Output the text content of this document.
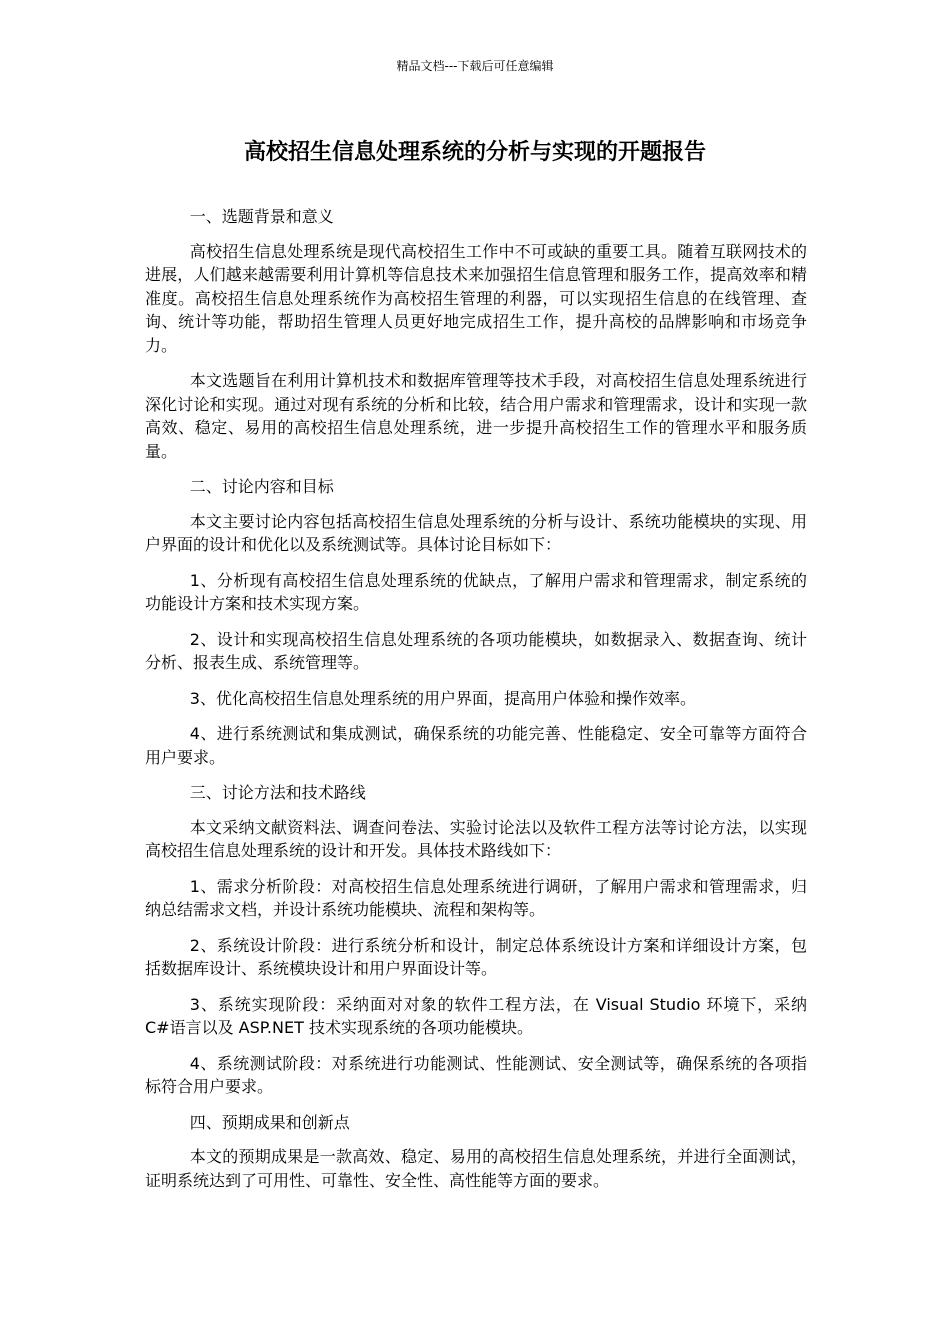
精品文档---下载后可任意编辑
高校招生信息处理系统的分析与实现的开题报告

一、选题背景和意义

高校招生信息处理系统是现代高校招生工作中不可或缺的重要工具。随着互联网技术的进展，人们越来越需要利用计算机等信息技术来加强招生信息管理和服务工作，提高效率和精准度。高校招生信息处理系统作为高校招生管理的利器，可以实现招生信息的在线管理、查询、统计等功能，帮助招生管理人员更好地完成招生工作，提升高校的品牌影响和市场竞争力。

本文选题旨在利用计算机技术和数据库管理等技术手段，对高校招生信息处理系统进行深化讨论和实现。通过对现有系统的分析和比较，结合用户需求和管理需求，设计和实现一款高效、稳定、易用的高校招生信息处理系统，进一步提升高校招生工作的管理水平和服务质量。

二、讨论内容和目标

本文主要讨论内容包括高校招生信息处理系统的分析与设计、系统功能模块的实现、用户界面的设计和优化以及系统测试等。具体讨论目标如下：

1、分析现有高校招生信息处理系统的优缺点，了解用户需求和管理需求，制定系统的功能设计方案和技术实现方案。

2、设计和实现高校招生信息处理系统的各项功能模块，如数据录入、数据查询、统计分析、报表生成、系统管理等。

3、优化高校招生信息处理系统的用户界面，提高用户体验和操作效率。

4、进行系统测试和集成测试，确保系统的功能完善、性能稳定、安全可靠等方面符合用户要求。

三、讨论方法和技术路线

本文采纳文献资料法、调查问卷法、实验讨论法以及软件工程方法等讨论方法，以实现高校招生信息处理系统的设计和开发。具体技术路线如下：

1、需求分析阶段：对高校招生信息处理系统进行调研，了解用户需求和管理需求，归纳总结需求文档，并设计系统功能模块、流程和架构等。

2、系统设计阶段：进行系统分析和设计，制定总体系统设计方案和详细设计方案，包括数据库设计、系统模块设计和用户界面设计等。

3、系统实现阶段：采纳面对对象的软件工程方法，在 Visual Studio 环境下，采纳 C#语言以及 ASP.NET 技术实现系统的各项功能模块。

4、系统测试阶段：对系统进行功能测试、性能测试、安全测试等，确保系统的各项指标符合用户要求。

四、预期成果和创新点

本文的预期成果是一款高效、稳定、易用的高校招生信息处理系统，并进行全面测试，证明系统达到了可用性、可靠性、安全性、高性能等方面的要求。
